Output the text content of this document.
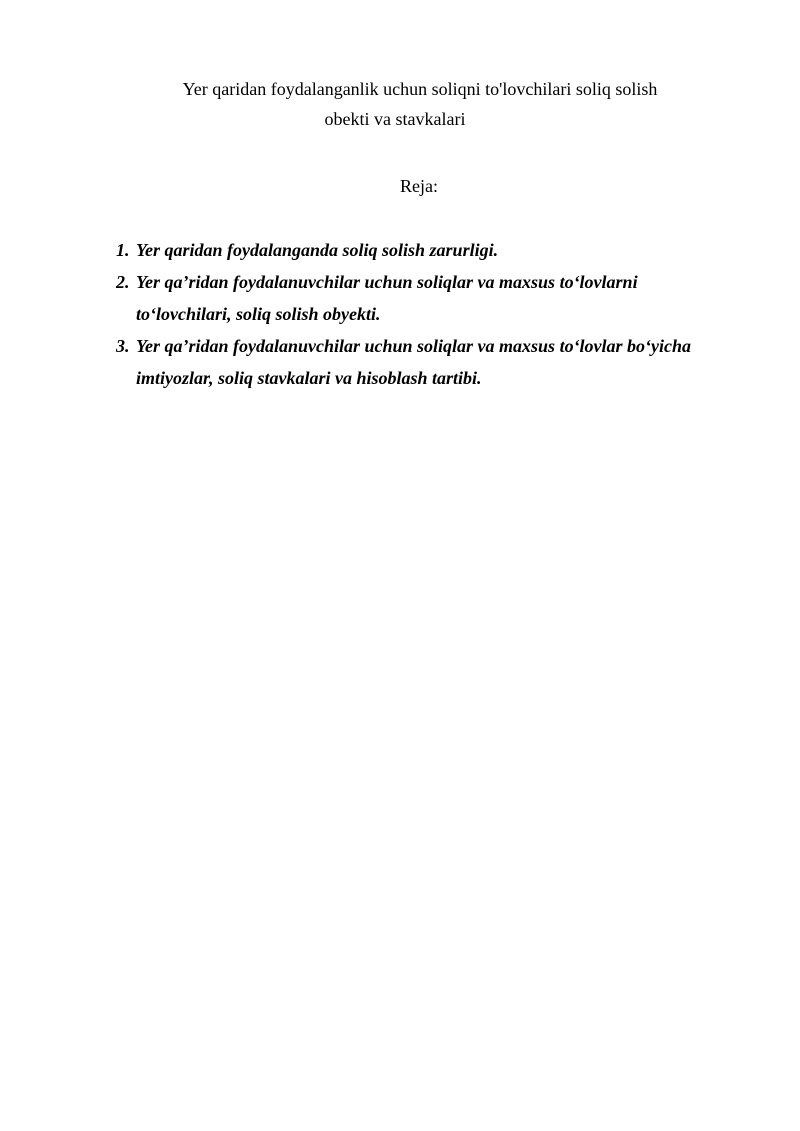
Yer qaridan foydalanganlik uchun soliqni to'lovchilari soliq solish
obekti va stavkalari
Reja:
1. Yer qaridan foydalanganda soliq solish zarurligi.
2. Yer qa’ridan foydalanuvchilar uchun soliqlar va maxsus to‘lovlarni to‘lovchilari, soliq solish obyekti.
3. Yer qa’ridan foydalanuvchilar uchun soliqlar va maxsus to‘lovlar bo‘yicha imtiyozlar, soliq stavkalari va hisoblash tartibi.
